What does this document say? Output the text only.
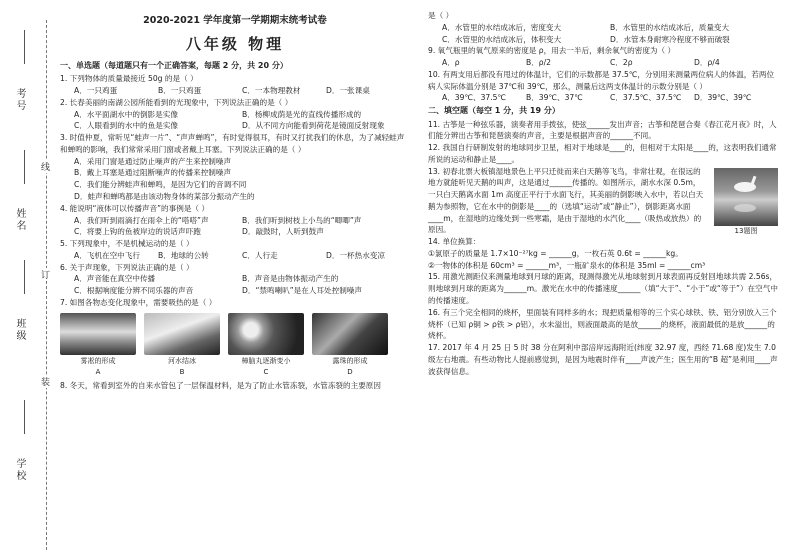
考号
姓名
班级
学校
线
订
装
2020-2021 学年度第一学期期末统考试卷
八年级 物理
一、单选题（每道题只有一个正确答案，每题 2 分，共 20 分）

1. 下列物体的质量最接近 50g 的是（ ）

A．一只鸡蛋	B．一只鸡蛋	C．一本物理教材	D．一张课桌

2. 长春美丽的南湖公园所能看到的光现象中，下列说法正确的是（ ）

A．水平面湖水中的倒影是实像	B．杨柳成荫是光的直线传播形成的
C．人眼看到的水中的鱼是实像	D．从不同方向能看到荷花是镜面反射现象

3. 时值仲夏，常听见“蛙声一片”、“声声蝉鸣”，有时觉得很耳，有时又打扰我们的休息，为了减轻蛙声和蝉鸣的影响，我们常常采用门窗或者戴上耳塞。下列说法正确的是（ ）

A．采用门窗是通过防止噪声的产生来控制噪声

B．戴上耳塞是通过阻断噪声的传播来控制噪声

C．我们能分辨蛙声和蝉鸣，是因为它们的音调不同

D．蛙声和蝉鸣都是由该动物身体的某部分振动产生的

4. 能说明“液体可以传播声音”的事例是（ ）

A．我们听到雨滴打在雨伞上的“嗒嗒”声	B．我们听到树枝上小鸟的“唧唧”声
C．将要上钩的鱼被岸边的说话声吓跑	D．敲鼓时，人听到鼓声

5. 下列现象中，不是机械运动的是（ ）

A．飞机在空中飞行	B．地球的公转	C．人行走	D．一杯热水变凉

6. 关于声现象，下列说法正确的是（ ）

A．声音能在真空中传播	B．声音是由物体振动产生的
C．根据响度能分辨不同乐器的声音	D．“禁鸣喇叭”是在人耳处控制噪声

7. 如图各物态变化现象中，需要吸热的是（ ）

雾凇的形成
A
河水结冰
B
樟脑丸逐渐变小
C
露珠的形成
D

8. 冬天，常看到室外的自来水管包了一层保温材料，是为了防止水管冻裂，水管冻裂的主要原因

是（ ）

A．水管里的水结成冰后，密度变大	B．水管里的水结成冰后，质量变大
C．水管里的水结成冰后，体积变大	D．水管本身耐寒冷程度不够而破裂

9. 氧气瓶里的氧气原来的密度是 ρ，用去一半后，剩余氧气的密度为（ ）

A．ρ	B．ρ/2	C．2ρ	D．ρ/4

10. 有两支用后都没有甩过的体温计，它们的示数都是 37.5℃，分别用来测量两位病人的体温，若两位病人实际体温分别是 37℃和 39℃，那么，测量后这两支体温计的示数分别是（ ）

A．39℃、37.5℃	B．39℃、37℃	C．37.5℃、37.5℃	D．39℃、39℃
二、填空题（每空 1 分，共 19 分）

11. 古筝是一种弦乐器，演奏者用手拨弦，使弦______发出声音；古筝和琵琶合奏《春江花月夜》时，人们能分辨出古筝和琵琶演奏的声音，主要是根据声音的______不同。

12. 我国自行研制发射的地球同步卫星，相对于地球是____的，但相对于太阳是____的，这表明我们通常所说的运动和静止是____。

13题图

13. 初春北票大板镇湿地景色上平只迁徙而来白天鹅等飞鸟，非常壮观，在很远的地方就能听见天鹅的叫声，这是通过______传播的。如图所示，湖水水深 0.5m，一只白天鹅离水面 1m 高度正平行于水面飞行，其美丽的倒影映入水中，若以白天鹅为参照物，它在水中的倒影是____的（选填“运动”或“静止”），倒影距离水面____m，在湿地的边缘处到一些寒霜，是由于湿地的水汽化____（吸热或放热）的原因。

14. 单位换算：

①氯原子的质量是 1.7×10⁻²⁷kg = ______g，一枚石英 0.6t = ______kg。

②一物体的体积是 60cm³ = ______m³，一瓶矿泉水的体积是 35ml = ______cm³

15. 用激光测距仪来测量地球到月球的距离，现测得激光从地球射到月球表面再反射回地球共需 2.56s，则地球到月球的距离为______m。激光在水中的传播速度______（填“大于”、“小于”或“等于”）在空气中的传播速度。

16. 有三个完全相同的烧杯，里面装有同样多的水；现把质量相等的三个实心球铁、铁、铝分别放入三个烧杯（已知 ρ铜 > ρ铁 > ρ铝），水未溢出，则液面最高的是放______的烧杯，液面最低的是放______的烧杯。

17. 2017 年 4 月 25 日 5 时 38 分在阿利中部涪岸远海附近(纬度 32.97 度，西经 71.68 度)发生 7.0 级左右地震。有些动物比人提前感觉到，是因为地震时伴有____声波产生；医生用的“B 超”是利用____声波获得信息。
